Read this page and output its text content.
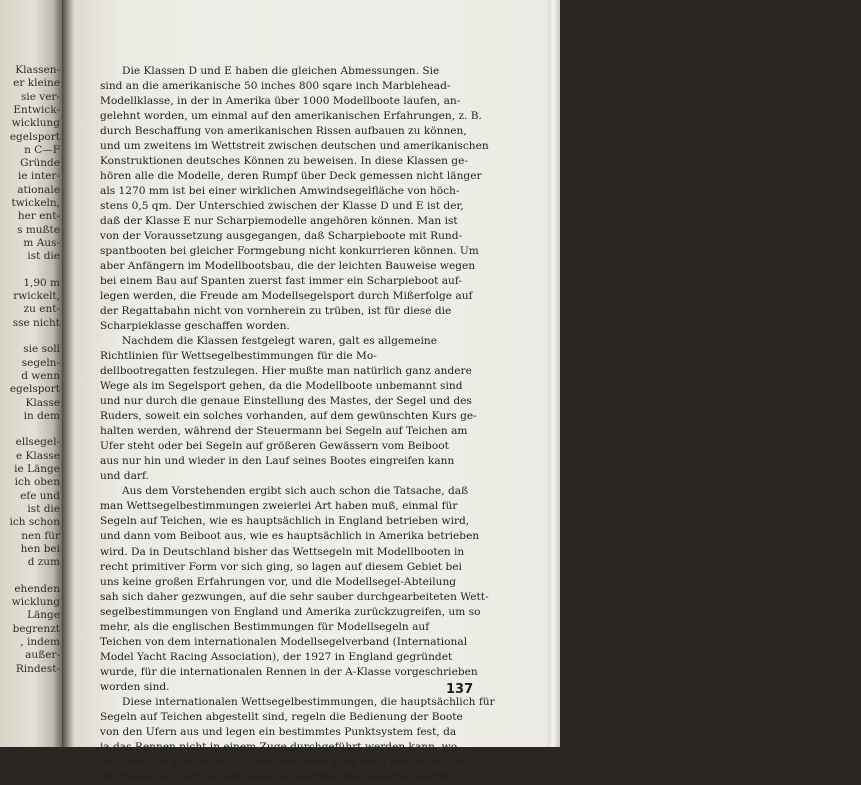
Klassen-
er kleine
sie ver-
Entwick-
wicklung
egelsport
n C—F
Gründe
ie inter-
ationale
twickeln,
her ent-
s mußte
m Aus-
ist die
1,90 m
rwickelt,
zu ent-
sse nicht
sie soll
segeln-
d wenn
egelsport
Klasse
in dem
ellsegel-
e Klasse
ie Länge
ich oben
efe und
ist die
ich schon
nen für
hen bei
d zum
ehenden
wicklung
Länge
begrenzt
, indem
außer-
Rindest-
Die Klassen D und E haben die gleichen Abmessungen. Sie
sind an die amerikanische 50 inches 800 sqare inch Marblehead-
Modellklasse, in der in Amerika über 1000 Modellboote laufen, an-
gelehnt worden, um einmal auf den amerikanischen Erfahrungen, z. B.
durch Beschaffung von amerikanischen Rissen aufbauen zu können,
und um zweitens im Wettstreit zwischen deutschen und amerikanischen
Konstruktionen deutsches Können zu beweisen. In diese Klassen ge-
hören alle die Modelle, deren Rumpf über Deck gemessen nicht länger
als 1270 mm ist bei einer wirklichen Amwindsegelfläche von höch-
stens 0,5 qm. Der Unterschied zwischen der Klasse D und E ist der,
daß der Klasse E nur Scharpiemodelle angehören können. Man ist
von der Voraussetzung ausgegangen, daß Scharpieboote mit Rund-
spantbooten bei gleicher Formgebung nicht konkurrieren können. Um
aber Anfängern im Modellbootsbau, die der leichten Bauweise wegen
bei einem Bau auf Spanten zuerst fast immer ein Scharpieboot auf-
legen werden, die Freude am Modellsegelsport durch Mißerfolge auf
der Regattabahn nicht von vornherein zu trüben, ist für diese die
Scharpieklasse geschaffen worden.
Nachdem die Klassen festgelegt waren, galt es allgemeine
Richtlinien für Wettsegelbestimmungen für die Mo-
dellbootregatten festzulegen. Hier mußte man natürlich ganz andere
Wege als im Segelsport gehen, da die Modellboote unbemannt sind
und nur durch die genaue Einstellung des Mastes, der Segel und des
Ruders, soweit ein solches vorhanden, auf dem gewünschten Kurs ge-
halten werden, während der Steuermann bei Segeln auf Teichen am
Ufer steht oder bei Segeln auf größeren Gewässern vom Beiboot
aus nur hin und wieder in den Lauf seines Bootes eingreifen kann
und darf.
Aus dem Vorstehenden ergibt sich auch schon die Tatsache, daß
man Wettsegelbestimmungen zweierlei Art haben muß, einmal für
Segeln auf Teichen, wie es hauptsächlich in England betrieben wird,
und dann vom Beiboot aus, wie es hauptsächlich in Amerika betrieben
wird. Da in Deutschland bisher das Wettsegeln mit Modellbooten in
recht primitiver Form vor sich ging, so lagen auf diesem Gebiet bei
uns keine großen Erfahrungen vor, und die Modellsegel-Abteilung
sah sich daher gezwungen, auf die sehr sauber durchgearbeiteten Wett-
segelbestimmungen von England und Amerika zurückzugreifen, um so
mehr, als die englischen Bestimmungen für Modellsegeln auf
Teichen von dem internationalen Modellsegelverband (International
Model Yacht Racing Association), der 1927 in England gegründet
wurde, für die internationalen Rennen in der A-Klasse vorgeschrieben
worden sind.
Diese internationalen Wettsegelbestimmungen, die hauptsächlich für
Segeln auf Teichen abgestellt sind, regeln die Bedienung der Boote
von den Ufern aus und legen ein bestimmtes Punktsystem fest, da
ja das Rennen nicht in einem Zuge durchgeführt werden kann, wo
der erste am Ziel Sieger ist, sondern jeder Kurs nach Neueinstellung
der Boote am Ufer für sich gesegelt werden und bewertet werden
137
